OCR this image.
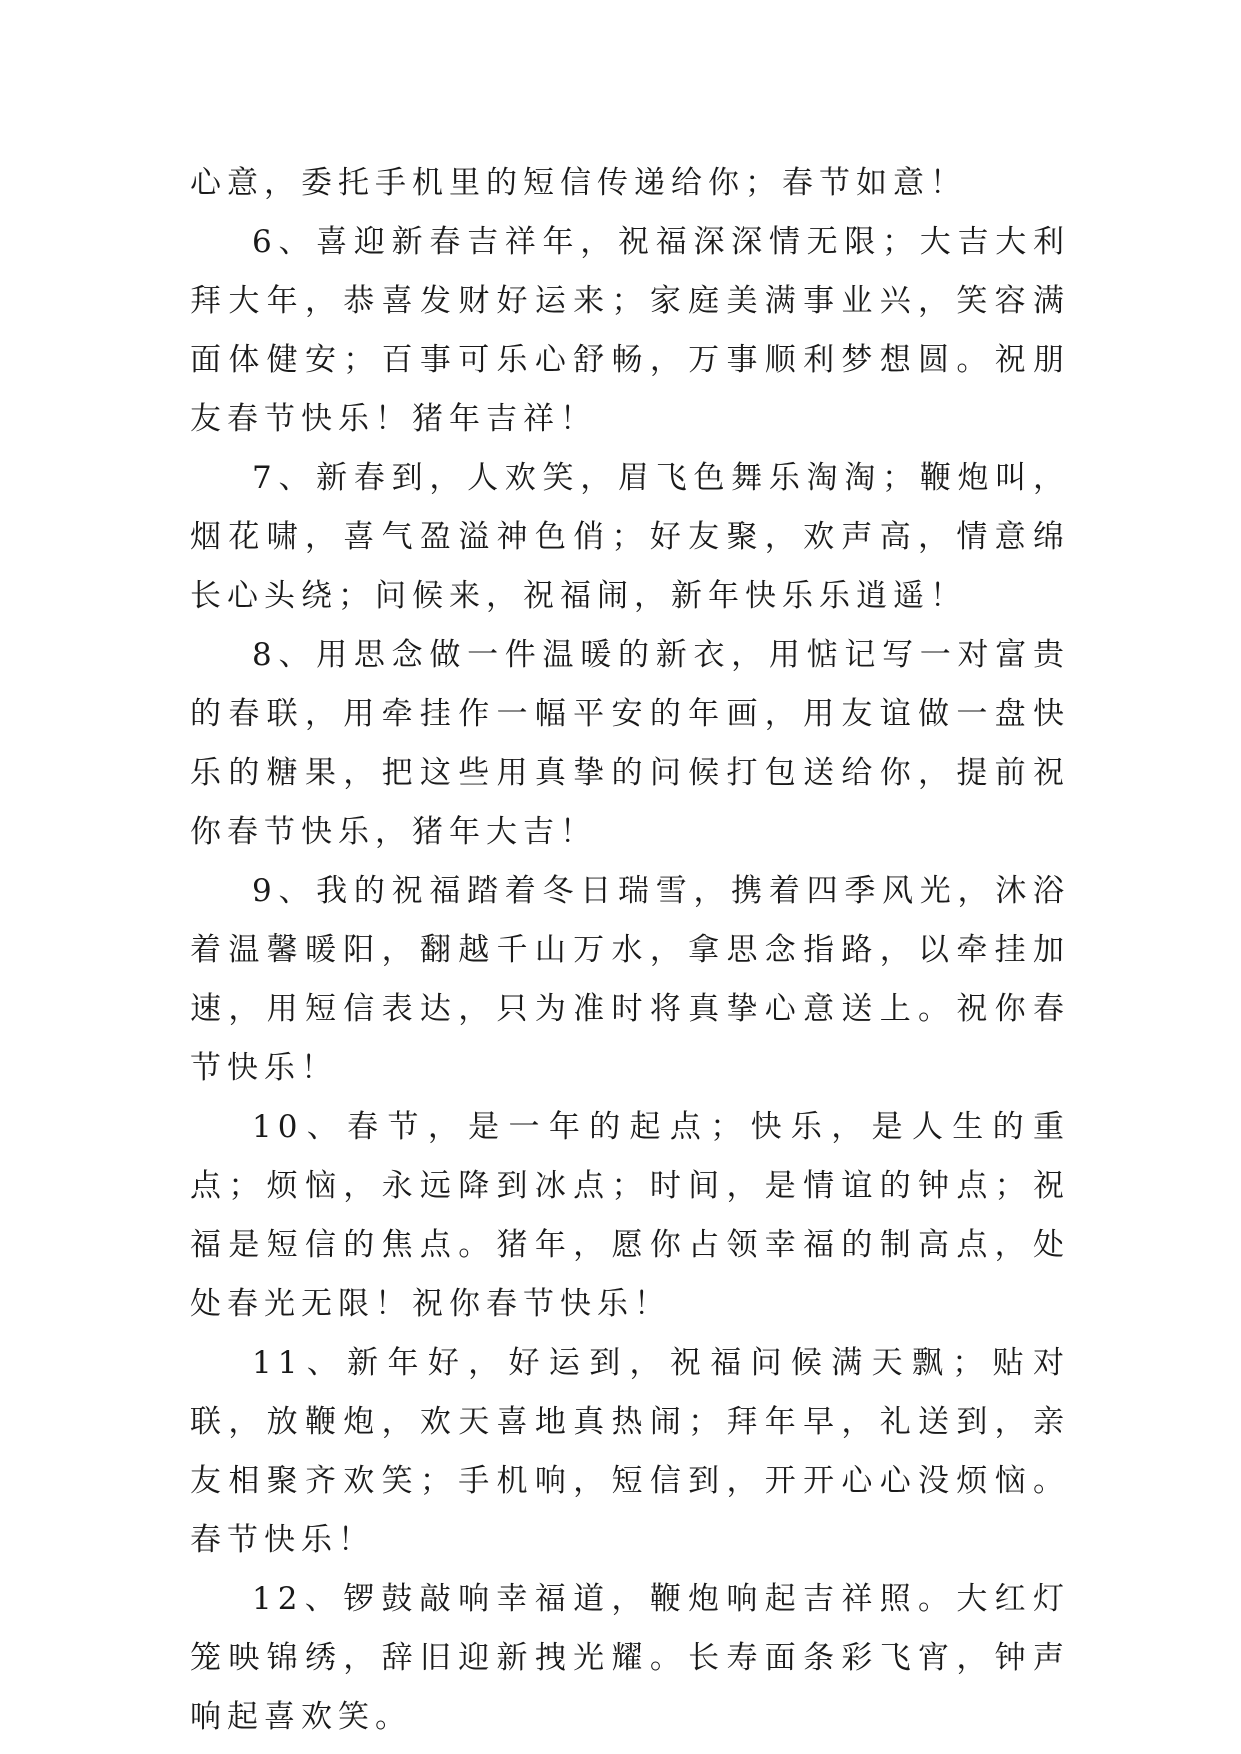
心意，委托手机里的短信传递给你；春节如意！

6、喜迎新春吉祥年，祝福深深情无限；大吉大利拜大年，恭喜发财好运来；家庭美满事业兴，笑容满面体健安；百事可乐心舒畅，万事顺利梦想圆。祝朋友春节快乐！猪年吉祥！

7、新春到，人欢笑，眉飞色舞乐淘淘；鞭炮叫，烟花啸，喜气盈溢神色俏；好友聚，欢声高，情意绵长心头绕；问候来，祝福闹，新年快乐乐逍遥！

8、用思念做一件温暖的新衣，用惦记写一对富贵的春联，用牵挂作一幅平安的年画，用友谊做一盘快乐的糖果，把这些用真挚的问候打包送给你，提前祝你春节快乐，猪年大吉！

9、我的祝福踏着冬日瑞雪，携着四季风光，沐浴着温馨暖阳，翻越千山万水，拿思念指路，以牵挂加速，用短信表达，只为准时将真挚心意送上。祝你春节快乐！

10、春节，是一年的起点；快乐，是人生的重点；烦恼，永远降到冰点；时间，是情谊的钟点；祝福是短信的焦点。猪年，愿你占领幸福的制高点，处处春光无限！祝你春节快乐！

11、新年好，好运到，祝福问候满天飘；贴对联，放鞭炮，欢天喜地真热闹；拜年早，礼送到，亲友相聚齐欢笑；手机响，短信到，开开心心没烦恼。春节快乐！

12、锣鼓敲响幸福道，鞭炮响起吉祥照。大红灯笼映锦绣，辞旧迎新拽光耀。长寿面条彩飞宵，钟声响起喜欢笑。
